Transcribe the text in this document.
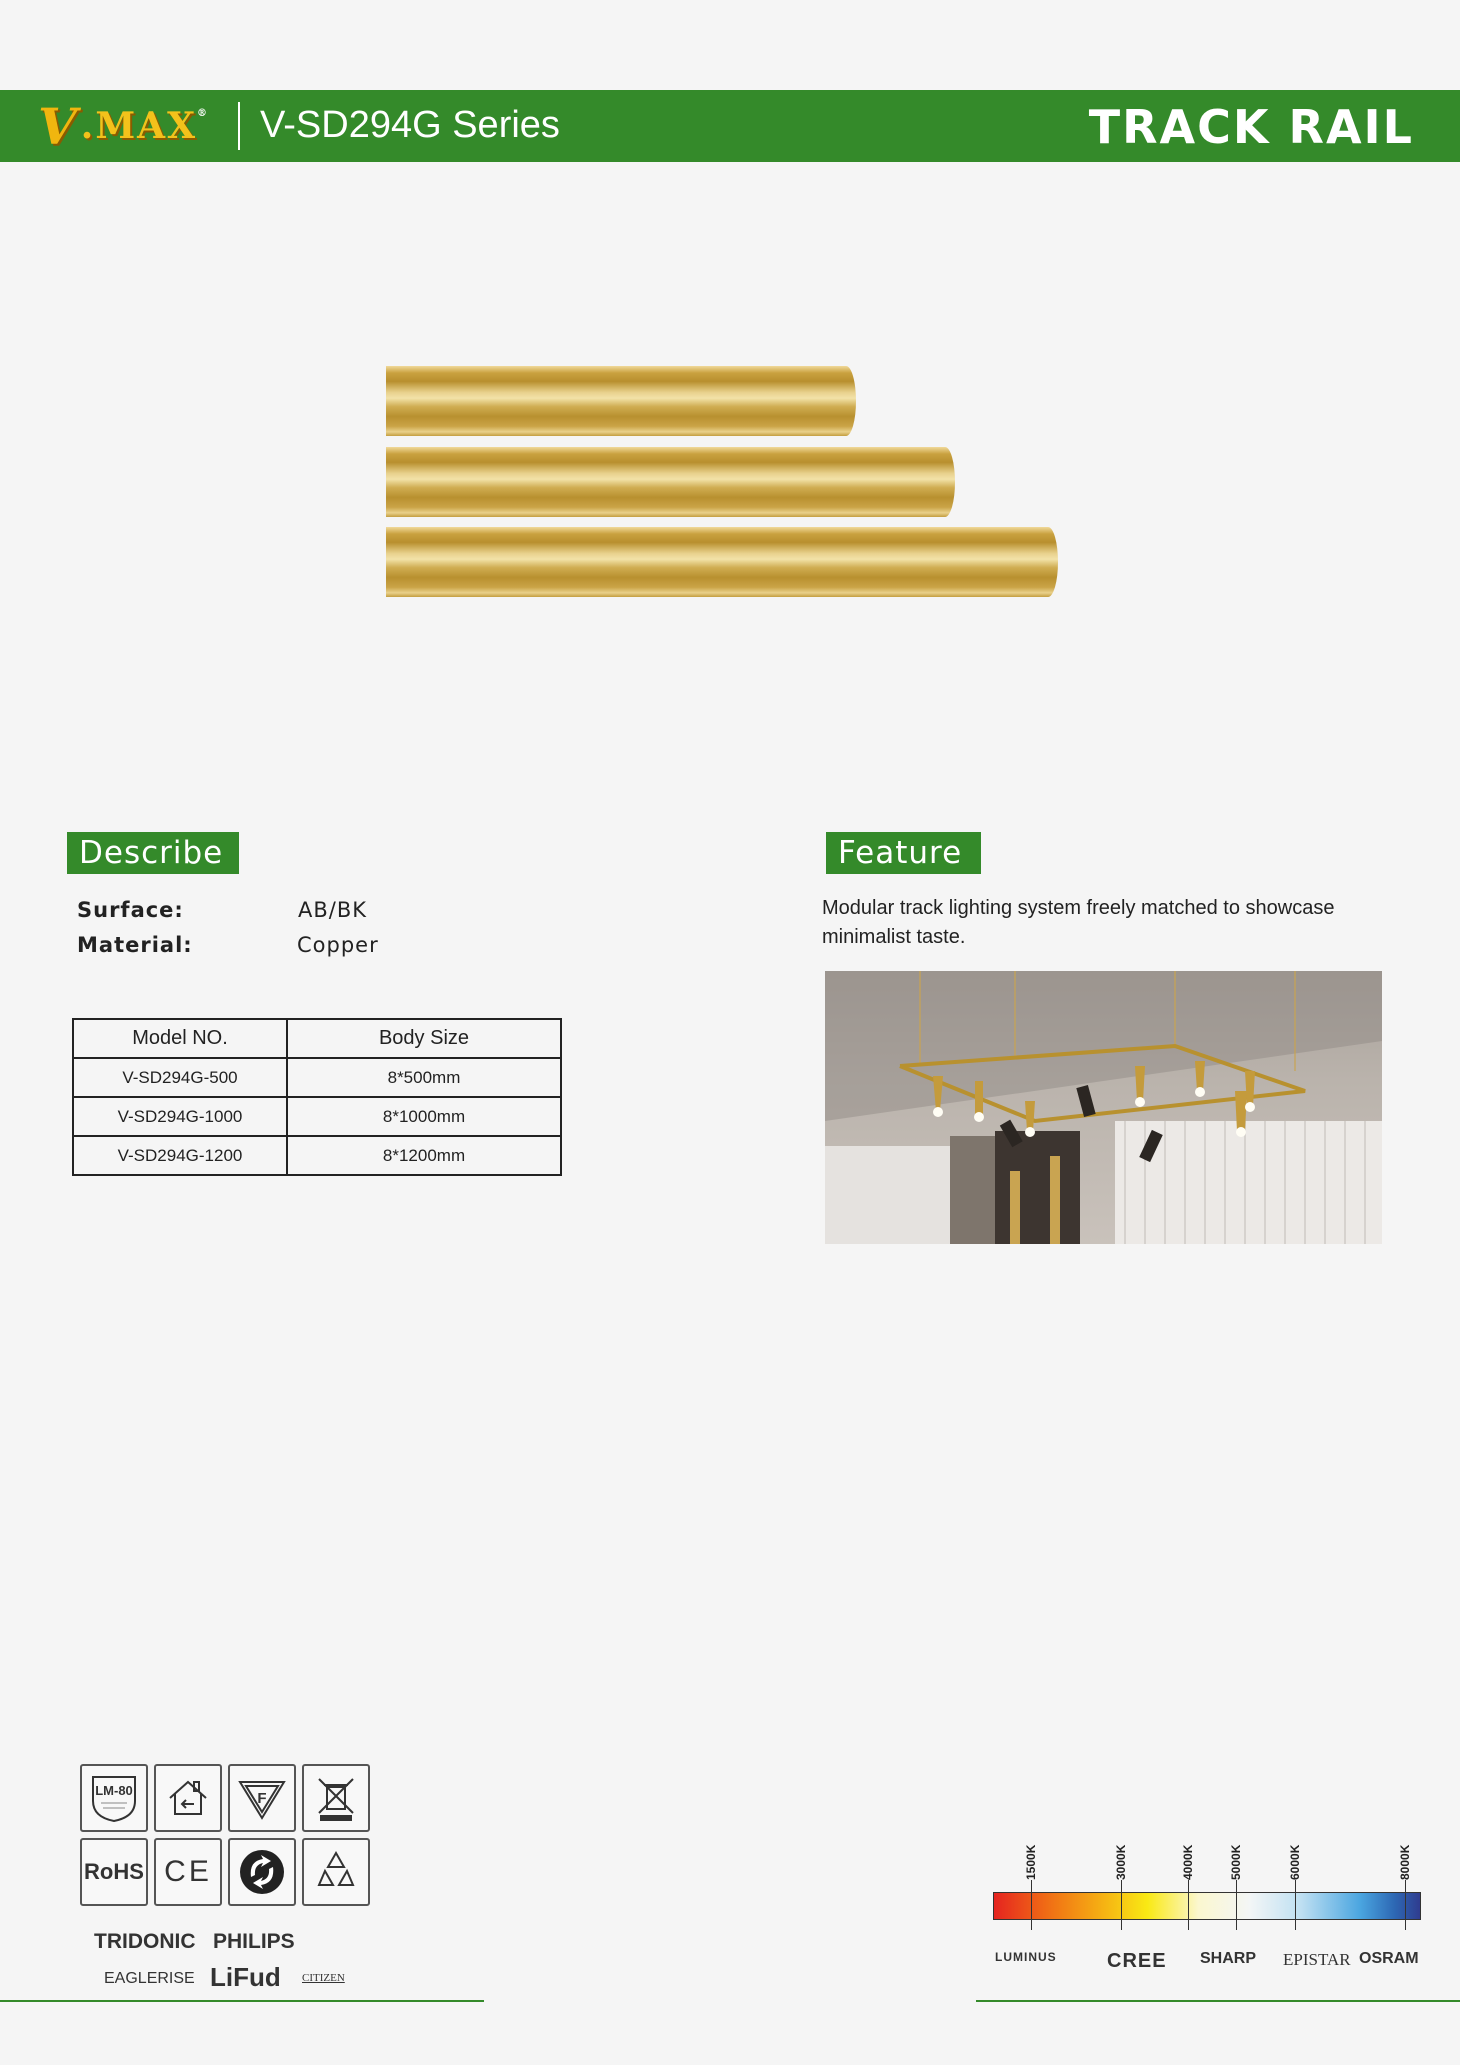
V .MAX ® V-SD294G Series	TRACK RAIL
Describe
Surface:	AB/BK
Material:	Copper
Model NO.	Body Size
V-SD294G-500	8*500mm
V-SD294G-1000	8*1000mm
V-SD294G-1200	8*1200mm
Feature
Modular track lighting system freely matched to showcase minimalist taste.
LM-80	F
RoHS CE
TRIDONIC PHILIPS
EAGLERISE LiFud CITIZEN
1500K	3000K	4000K	5000K	6000K	8000K
LUMINUS	CREE SHARP EPISTAR OSRAM
